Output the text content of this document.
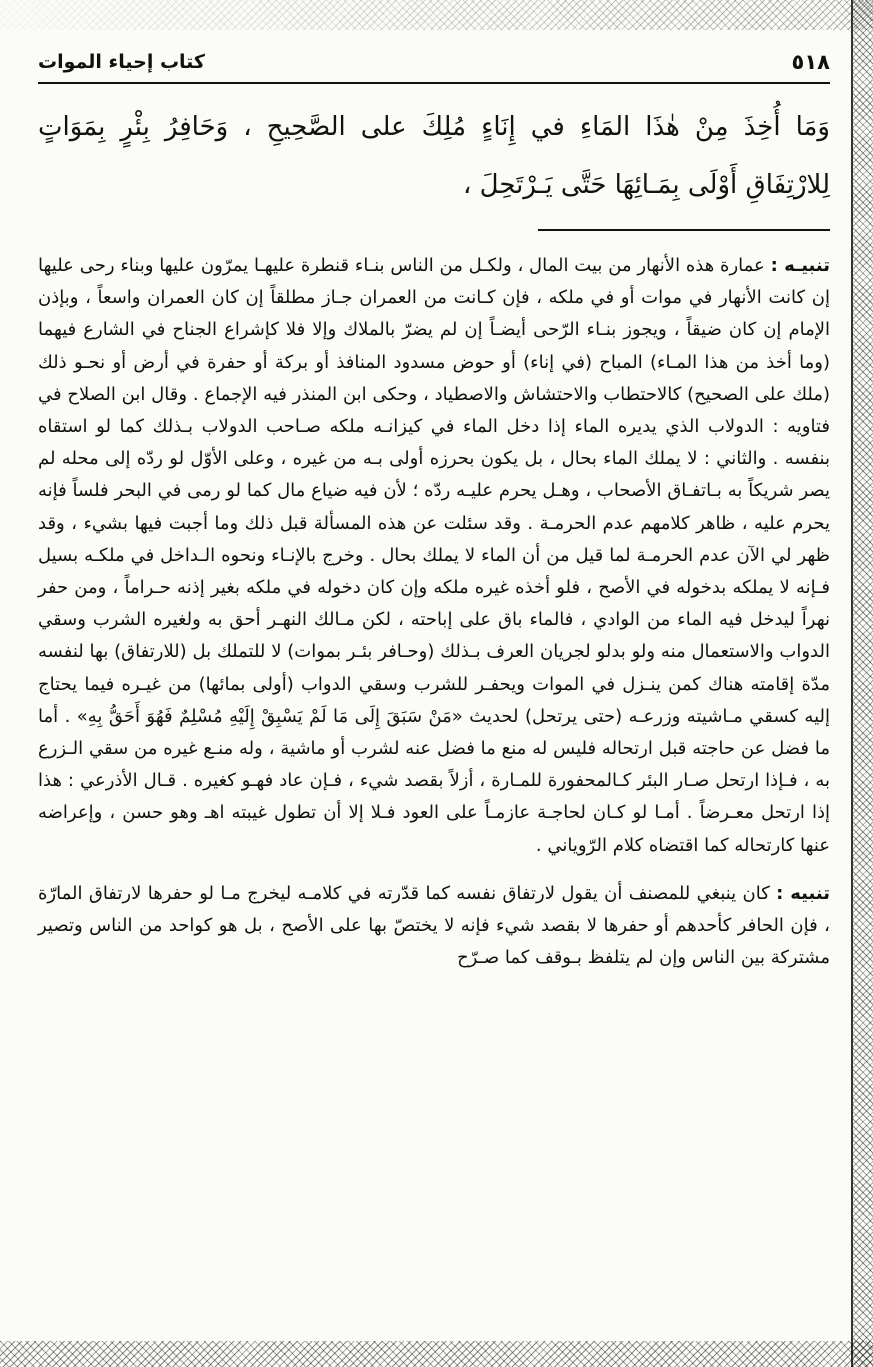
كتاب إحياء الموات	٥١٨
وَمَا أُخِذَ مِنْ هٰذَا المَاءِ في إِنَاءٍ مُلِكَ على الصَّحِيحِ ، وَحَافِرُ بِئْرٍ بِمَوَاتٍ لِلارْتِفَاقِ أَوْلَى بِمَـائِهَا حَتَّى يَـرْتَحِلَ ،

تنبيـه : عمارة هذه الأنهار من بيت المال ، ولكـل من الناس بنـاء قنطرة عليهـا يمرّون عليها وبناء رحى عليها إن كانت الأنهار في موات أو في ملكه ، فإن كـانت من العمران جـاز مطلقاً إن كان العمران واسعاً ، وبإذن الإمام إن كان ضيقاً ، ويجوز بنـاء الرّحى أيضـاً إن لم يضرّ بالملاك وإلا فلا كإشراع الجناح في الشارع فيهما (وما أخذ من هذا المـاء) المباح (في إناء) أو حوض مسدود المنافذ أو بركة أو حفرة في أرض أو نحـو ذلك (ملك على الصحيح) كالاحتطاب والاحتشاش والاصطياد ، وحكى ابن المنذر فيه الإجماع . وقال ابن الصلاح في فتاويه : الدولاب الذي يديره الماء إذا دخل الماء في كيزانـه ملكه صـاحب الدولاب بـذلك كما لو استقاه بنفسه . والثاني : لا يملك الماء بحال ، بل يكون بحرزه أولى بـه من غيره ، وعلى الأوّل لو ردّه إلى محله لم يصر شريكاً به بـاتفـاق الأصحاب ، وهـل يحرم عليـه ردّه ؛ لأن فيه ضياع مال كما لو رمى في البحر فلساً فإنه يحرم عليه ، ظاهر كلامهم عدم الحرمـة . وقد سئلت عن هذه المسألة قبل ذلك وما أجبت فيها بشيء ، وقد ظهر لي الآن عدم الحرمـة لما قيل من أن الماء لا يملك بحال . وخرج بالإنـاء ونحوه الـداخل في ملكـه بسيل فـإنه لا يملكه بدخوله في الأصح ، فلو أخذه غيره ملكه وإن كان دخوله في ملكه بغير إذنه حـراماً ، ومن حفر نهراً ليدخل فيه الماء من الوادي ، فالماء باق على إباحته ، لكن مـالك النهـر أحق به ولغيره الشرب وسقي الدواب والاستعمال منه ولو بدلو لجريان العرف بـذلك (وحـافر بئـر بموات) لا للتملك بل (للارتفاق) بها لنفسه مدّة إقامته هناك كمن ينـزل في الموات ويحفـر للشرب وسقي الدواب (أولى بمائها) من غيـره فيما يحتاج إليه كسقي مـاشيته وزرعـه (حتى يرتحل) لحديث «مَنْ سَبَقَ إِلَى مَا لَمْ يَسْبِقْ إِلَيْهِ مُسْلِمٌ فَهُوَ أَحَقُّ بِهِ» . أما ما فضل عن حاجته قبل ارتحاله فليس له منع ما فضل عنه لشرب أو ماشية ، وله منـع غيره من سقي الـزرع به ، فـإذا ارتحل صـار البئر كـالمحفورة للمـارة ، أزلاً بقصد شيء ، فـإن عاد فهـو كغيره . قـال الأذرعي : هذا إذا ارتحل معـرضاً . أمـا لو كـان لحاجـة عازمـاً على العود فـلا إلا أن تطول غيبته اهـ وهو حسن ، وإعراضه عنها كارتحاله كما اقتضاه كلام الرّوياني .

تنبيه : كان ينبغي للمصنف أن يقول لارتفاق نفسه كما قدّرته في كلامـه ليخرج مـا لو حفرها لارتفاق المارّة ، فإن الحافر كأحدهم أو حفرها لا بقصد شيء فإنه لا يختصّ بها على الأصح ، بل هو كواحد من الناس وتصير مشتركة بين الناس وإن لم يتلفظ بـوقف كما صـرّح
